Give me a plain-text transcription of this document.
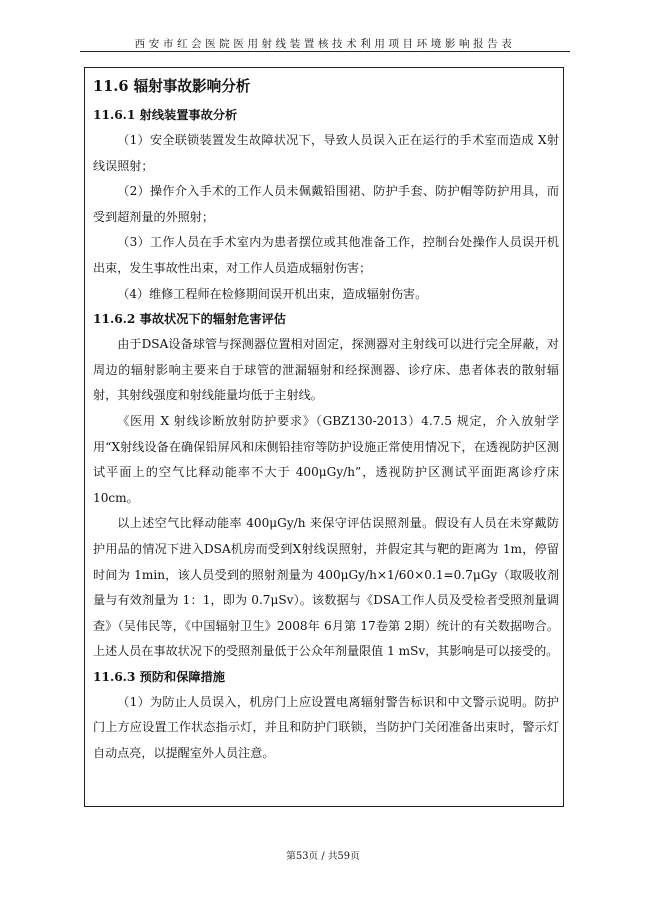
西安市红会医院医用射线装置核技术利用项目环境影响报告表
11.6 辐射事故影响分析
11.6.1 射线装置事故分析

（1）安全联锁装置发生故障状况下，导致人员误入正在运行的手术室而造成 X射线误照射；

（2）操作介入手术的工作人员未佩戴铅围裙、防护手套、防护帽等防护用具，而受到超剂量的外照射；

（3）工作人员在手术室内为患者摆位或其他准备工作，控制台处操作人员误开机出束，发生事故性出束，对工作人员造成辐射伤害；

（4）维修工程师在检修期间误开机出束，造成辐射伤害。

11.6.2 事故状况下的辐射危害评估

由于DSA设备球管与探测器位置相对固定，探测器对主射线可以进行完全屏蔽，对周边的辐射影响主要来自于球管的泄漏辐射和经探测器、诊疗床、患者体表的散射辐射，其射线强度和射线能量均低于主射线。

《医用 X 射线诊断放射防护要求》（GBZ130-2013）4.7.5 规定，介入放射学用“X射线设备在确保铅屏风和床侧铅挂帘等防护设施正常使用情况下，在透视防护区测试平面上的空气比释动能率不大于 400μGy/h”，透视防护区测试平面距离诊疗床 10cm。

以上述空气比释动能率 400μGy/h 来保守评估误照剂量。假设有人员在未穿戴防护用品的情况下进入DSA机房而受到X射线误照射，并假定其与靶的距离为 1m，停留时间为 1min，该人员受到的照射剂量为 400μGy/h×1/60×0.1=0.7μGy（取吸收剂量与有效剂量为 1：1，即为 0.7μSv）。该数据与《DSA工作人员及受检者受照剂量调查》（吴伟民等，《中国辐射卫生》2008年 6月第 17卷第 2期）统计的有关数据吻合。上述人员在事故状况下的受照剂量低于公众年剂量限值 1 mSv，其影响是可以接受的。

11.6.3 预防和保障措施

（1）为防止人员误入，机房门上应设置电离辐射警告标识和中文警示说明。防护门上方应设置工作状态指示灯，并且和防护门联锁，当防护门关闭准备出束时，警示灯自动点亮，以提醒室外人员注意。

第53页 / 共59页
